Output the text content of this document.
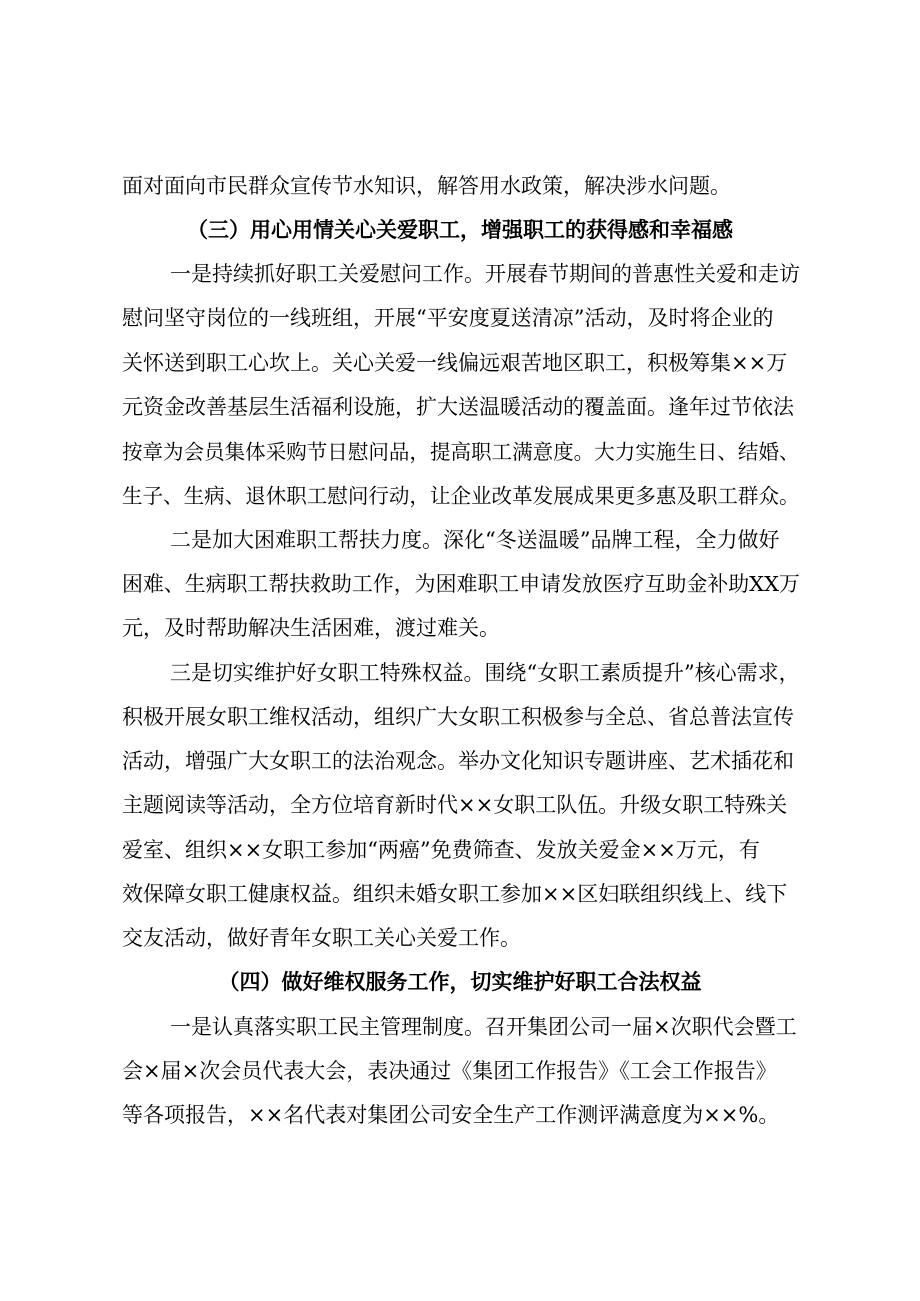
面对面向市民群众宣传节水知识，解答用水政策，解决涉水问题。
（三）用心用情关心关爱职工，增强职工的获得感和幸福感
一是持续抓好职工关爱慰问工作。开展春节期间的普惠性关爱和走访
慰问坚守岗位的一线班组，开展“平安度夏送清凉”活动，及时将企业的
关怀送到职工心坎上。关心关爱一线偏远艰苦地区职工，积极筹集××万
元资金改善基层生活福利设施，扩大送温暖活动的覆盖面。逢年过节依法
按章为会员集体采购节日慰问品，提高职工满意度。大力实施生日、结婚、
生子、生病、退休职工慰问行动，让企业改革发展成果更多惠及职工群众。
二是加大困难职工帮扶力度。深化“冬送温暖”品牌工程，全力做好
困难、生病职工帮扶救助工作，为困难职工申请发放医疗互助金补助XX万
元，及时帮助解决生活困难，渡过难关。
三是切实维护好女职工特殊权益。围绕“女职工素质提升”核心需求，
积极开展女职工维权活动，组织广大女职工积极参与全总、省总普法宣传
活动，增强广大女职工的法治观念。举办文化知识专题讲座、艺术插花和
主题阅读等活动，全方位培育新时代××女职工队伍。升级女职工特殊关
爱室、组织××女职工参加“两癌”免费筛查、发放关爱金××万元，有
效保障女职工健康权益。组织未婚女职工参加××区妇联组织线上、线下
交友活动，做好青年女职工关心关爱工作。
（四）做好维权服务工作，切实维护好职工合法权益
一是认真落实职工民主管理制度。召开集团公司一届×次职代会暨工
会×届×次会员代表大会，表决通过《集团工作报告》《工会工作报告》
等各项报告，××名代表对集团公司安全生产工作测评满意度为××%。
